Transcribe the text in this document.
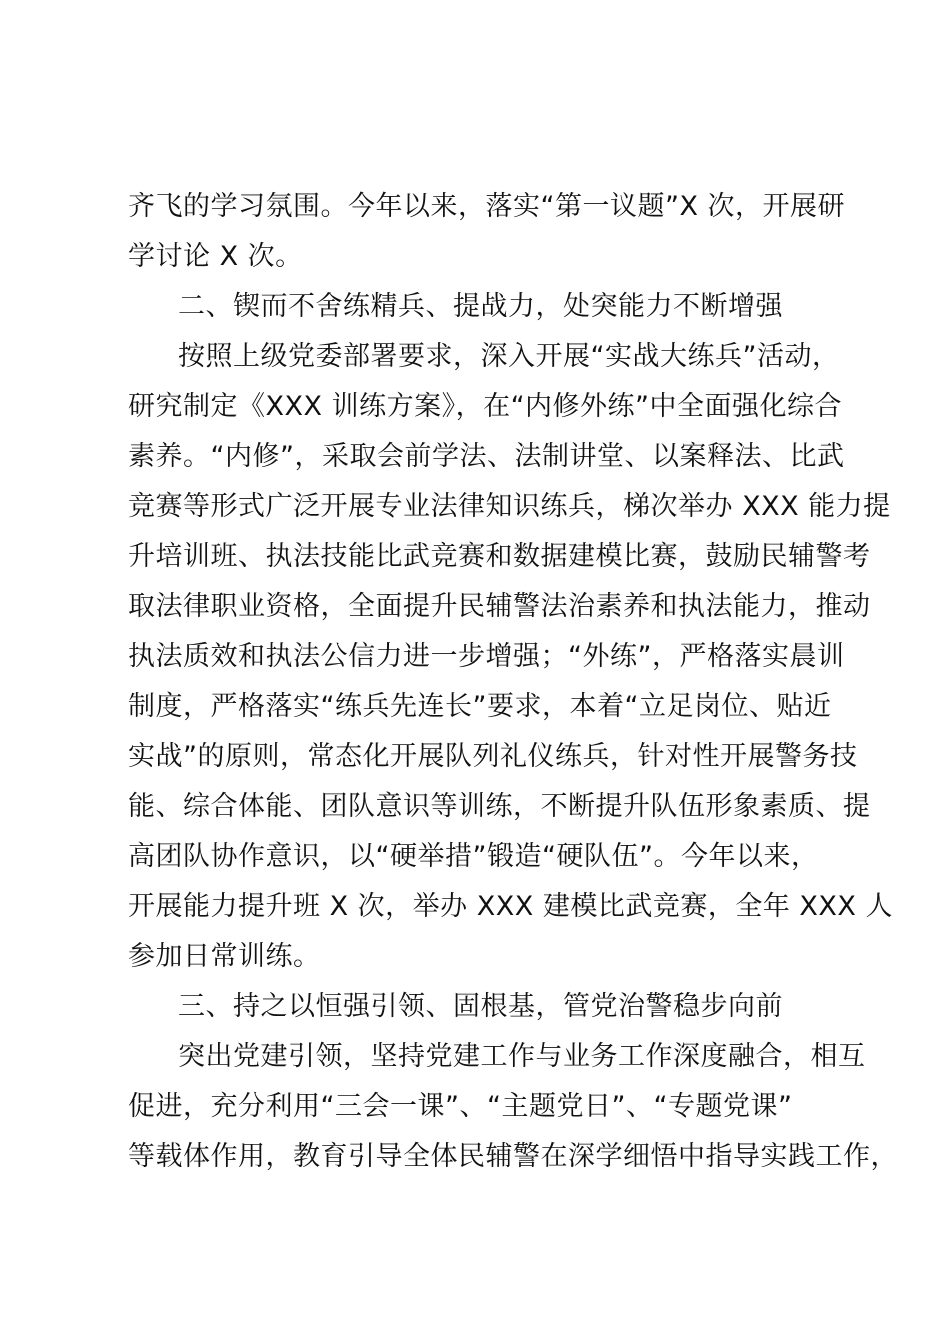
齐飞的学习氛围。今年以来，落实“第一议题”X 次，开展研
学讨论 X 次。
二、锲而不舍练精兵、提战力，处突能力不断增强
按照上级党委部署要求，深入开展“实战大练兵”活动，
研究制定《XXX 训练方案》，在“内修外练”中全面强化综合
素养。“内修”，采取会前学法、法制讲堂、以案释法、比武
竞赛等形式广泛开展专业法律知识练兵，梯次举办 XXX 能力提
升培训班、执法技能比武竞赛和数据建模比赛，鼓励民辅警考
取法律职业资格，全面提升民辅警法治素养和执法能力，推动
执法质效和执法公信力进一步增强；“外练”，严格落实晨训
制度，严格落实“练兵先连长”要求，本着“立足岗位、贴近
实战”的原则，常态化开展队列礼仪练兵，针对性开展警务技
能、综合体能、团队意识等训练，不断提升队伍形象素质、提
高团队协作意识，以“硬举措”锻造“硬队伍”。今年以来，
开展能力提升班 X 次，举办 XXX 建模比武竞赛，全年 XXX 人
参加日常训练。
三、持之以恒强引领、固根基，管党治警稳步向前
突出党建引领，坚持党建工作与业务工作深度融合，相互
促进，充分利用“三会一课”、“主题党日”、“专题党课”
等载体作用，教育引导全体民辅警在深学细悟中指导实践工作，
